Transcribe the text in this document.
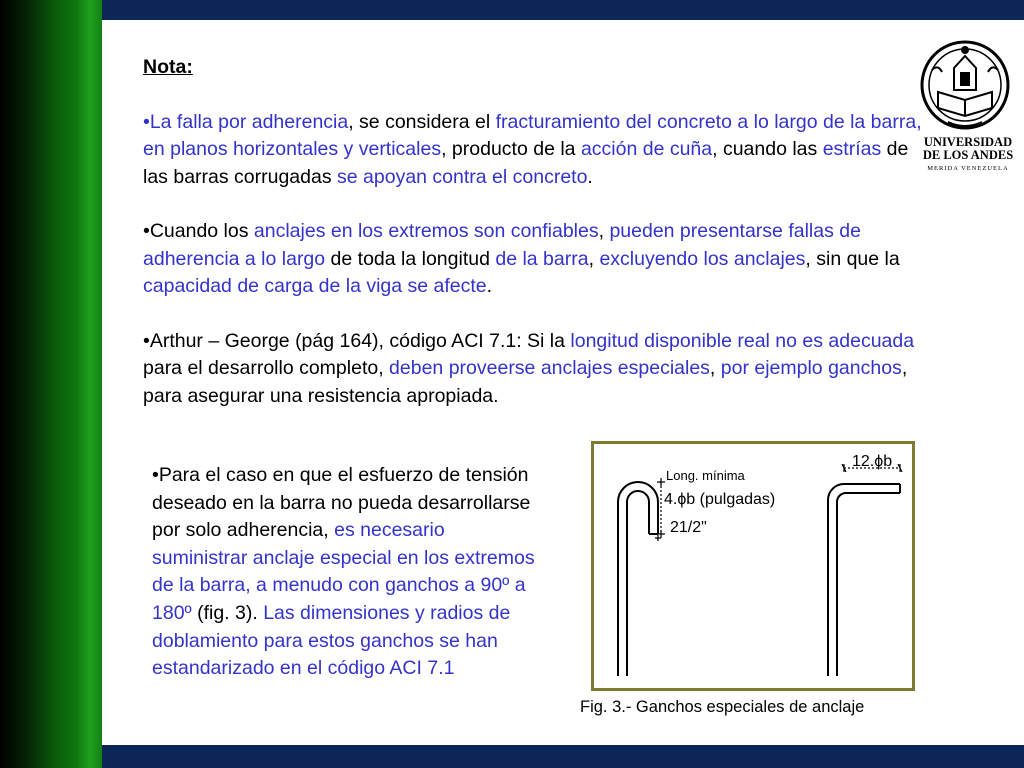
Nota:

•La falla por adherencia, se considera el fracturamiento del concreto a lo largo de la barra, en planos horizontales y verticales, producto de la acción de cuña, cuando las estrías de las barras corrugadas se apoyan contra el concreto.

•Cuando los anclajes en los extremos son confiables, pueden presentarse fallas de adherencia a lo largo de toda la longitud de la barra, excluyendo los anclajes, sin que la capacidad de carga de la viga se afecte.

•Arthur – George (pág 164), código ACI 7.1: Si la longitud disponible real no es adecuada para el desarrollo completo, deben proveerse anclajes especiales, por ejemplo ganchos, para asegurar una resistencia apropiada.

•Para el caso en que el esfuerzo de tensión deseado en la barra no pueda desarrollarse por solo adherencia, es necesario suministrar anclaje especial en los extremos de la barra, a menudo con ganchos a 90º a 180º (fig. 3). Las dimensiones y radios de doblamiento para estos ganchos se han estandarizado en el código ACI 7.1

UNIVERSIDAD
DE LOS ANDES
MERIDA VENEZUELA
Long. mínima
4.ϕb (pulgadas)
21/2"
12.ϕb
Fig. 3.- Ganchos especiales de anclaje
